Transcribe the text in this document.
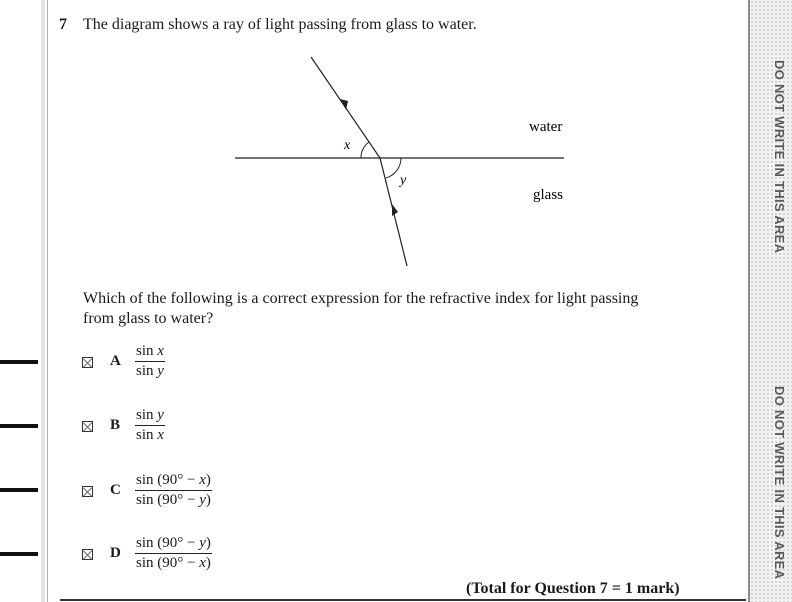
DO NOT WRITE IN THIS AREA
DO NOT WRITE IN THIS AREA
7 The diagram shows a ray of light passing from glass to water.
x
y
water
glass
Which of the following is a correct expression for the refractive index for light passing
from glass to water?
A $\frac{\text{sin x}}{\text{sin y}}$
B $\frac{\text{sin y}}{\text{sin x}}$
C $\frac{\sin (90^\circ - x)}{\sin (90^\circ - y)}$
D $\frac{\sin (90^\circ - y)}{\sin (90^\circ - x)}$
(Total for Question 7 = 1 mark)
